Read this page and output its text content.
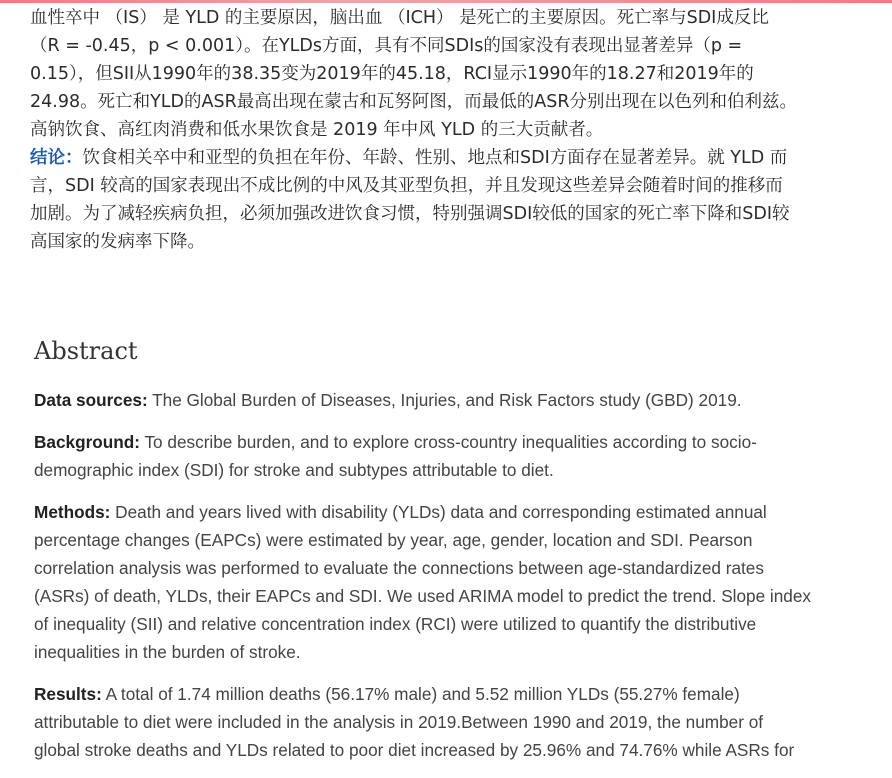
血性卒中 （IS） 是 YLD 的主要原因，脑出血 （ICH） 是死亡的主要原因。死亡率与SDI成反比
（R = -0.45，p < 0.001）。在YLDs方面，具有不同SDIs的国家没有表现出显著差异（p =
0.15），但SII从1990年的38.35变为2019年的45.18，RCI显示1990年的18.27和2019年的
24.98。死亡和YLD的ASR最高出现在蒙古和瓦努阿图，而最低的ASR分别出现在以色列和伯利兹。
高钠饮食、高红肉消费和低水果饮食是 2019 年中风 YLD 的三大贡献者。

结论：饮食相关卒中和亚型的负担在年份、年龄、性别、地点和SDI方面存在显著差异。就 YLD 而
言，SDI 较高的国家表现出不成比例的中风及其亚型负担，并且发现这些差异会随着时间的推移而
加剧。为了减轻疾病负担，必须加强改进饮食习惯，特别强调SDI较低的国家的死亡率下降和SDI较
高国家的发病率下降。

Abstract

Data sources: The Global Burden of Diseases, Injuries, and Risk Factors study (GBD) 2019.

Background: To describe burden, and to explore cross-country inequalities according to socio-
demographic index (SDI) for stroke and subtypes attributable to diet.

Methods: Death and years lived with disability (YLDs) data and corresponding estimated annual
percentage changes (EAPCs) were estimated by year, age, gender, location and SDI. Pearson
correlation analysis was performed to evaluate the connections between age-standardized rates
(ASRs) of death, YLDs, their EAPCs and SDI. We used ARIMA model to predict the trend. Slope index
of inequality (SII) and relative concentration index (RCI) were utilized to quantify the distributive
inequalities in the burden of stroke.

Results: A total of 1.74 million deaths (56.17% male) and 5.52 million YLDs (55.27% female)
attributable to diet were included in the analysis in 2019.Between 1990 and 2019, the number of
global stroke deaths and YLDs related to poor diet increased by 25.96% and 74.76% while ASRs for
